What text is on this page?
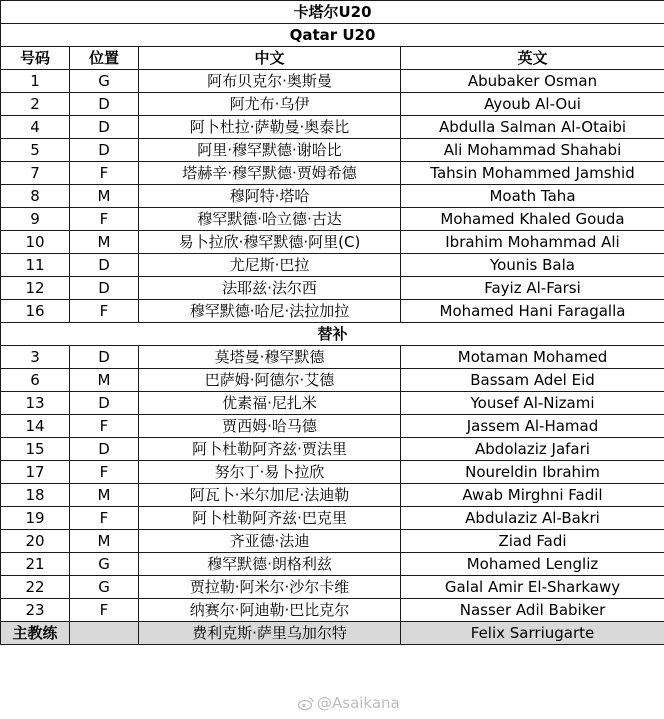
卡塔尔U20			
Qatar U20			
号码	位置	中文	英文
1	G	阿布贝克尔·奥斯曼	Abubaker Osman
2	D	阿尤布·乌伊	Ayoub Al-Oui
4	D	阿卜杜拉·萨勒曼·奥泰比	Abdulla Salman Al-Otaibi
5	D	阿里·穆罕默德·谢哈比	Ali Mohammad Shahabi
7	F	塔赫辛·穆罕默德·贾姆希德	Tahsin Mohammed Jamshid
8	M	穆阿特·塔哈	Moath Taha
9	F	穆罕默德·哈立德·古达	Mohamed Khaled Gouda
10	M	易卜拉欣·穆罕默德·阿里(C)	Ibrahim Mohammad Ali
11	D	尤尼斯·巴拉	Younis Bala
12	D	法耶兹·法尔西	Fayiz Al-Farsi
16	F	穆罕默德·哈尼·法拉加拉	Mohamed Hani Faragalla
替补			
3	D	莫塔曼·穆罕默德	Motaman Mohamed
6	M	巴萨姆·阿德尔·艾德	Bassam Adel Eid
13	D	优素福·尼扎米	Yousef Al-Nizami
14	F	贾西姆·哈马德	Jassem Al-Hamad
15	D	阿卜杜勒阿齐兹·贾法里	Abdolaziz Jafari
17	F	努尔丁·易卜拉欣	Noureldin Ibrahim
18	M	阿瓦卜·米尔加尼·法迪勒	Awab Mirghni Fadil
19	F	阿卜杜勒阿齐兹·巴克里	Abdulaziz Al-Bakri
20	M	齐亚德·法迪	Ziad Fadi
21	G	穆罕默德·朗格利兹	Mohamed Lengliz
22	G	贾拉勒·阿米尔·沙尔卡维	Galal Amir El-Sharkawy
23	F	纳赛尔·阿迪勒·巴比克尔	Nasser Adil Babiker
主教练		费利克斯·萨里乌加尔特	Felix Sarriugarte
@Asaikana
